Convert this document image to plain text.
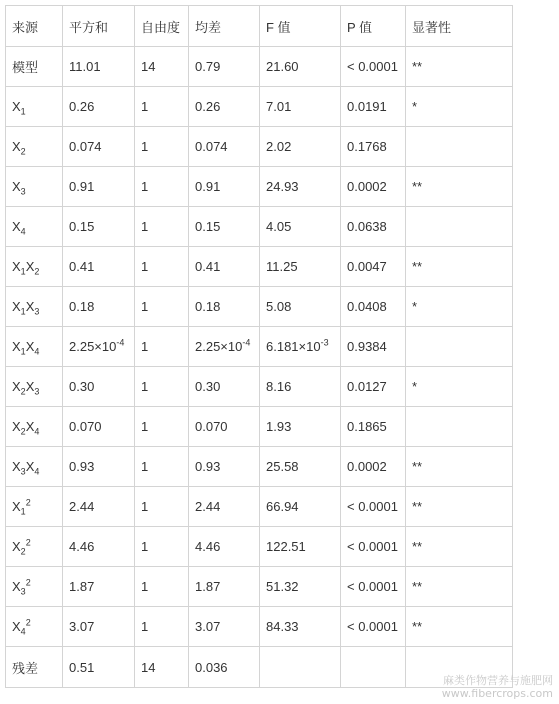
来源	平方和	自由度	均差	F 值	P 值	显著性
模型	11.01	14	0.79	21.60	< 0.0001	**
$X_1$	0.26	1	0.26	7.01	0.0191	*
$X_2$	0.074	1	0.074	2.02	0.1768	
$X_3$	0.91	1	0.91	24.93	0.0002	**
$X_4$	0.15	1	0.15	4.05	0.0638	
$X_1X_2$	0.41	1	0.41	11.25	0.0047	**
$X_1X_3$	0.18	1	0.18	5.08	0.0408	*
$X_1X_4$	$2.25\times 10^{-4}$	1	$2.25\times 10^{-4}$	$6.181\times 10^{-3}$	0.9384	
$X_2X_3$	0.30	1	0.30	8.16	0.0127	*
$X_2X_4$	0.070	1	0.070	1.93	0.1865	
$X_3X_4$	0.93	1	0.93	25.58	0.0002	**
$X_1^2$	2.44	1	2.44	66.94	< 0.0001	**
$X_2^2$	4.46	1	4.46	122.51	< 0.0001	**
$X_3^2$	1.87	1	1.87	51.32	< 0.0001	**
$X_4^2$	3.07	1	3.07	84.33	< 0.0001	**
残差	0.51	14	0.036			
麻类作物营养与施肥网
www.fibercrops.com
